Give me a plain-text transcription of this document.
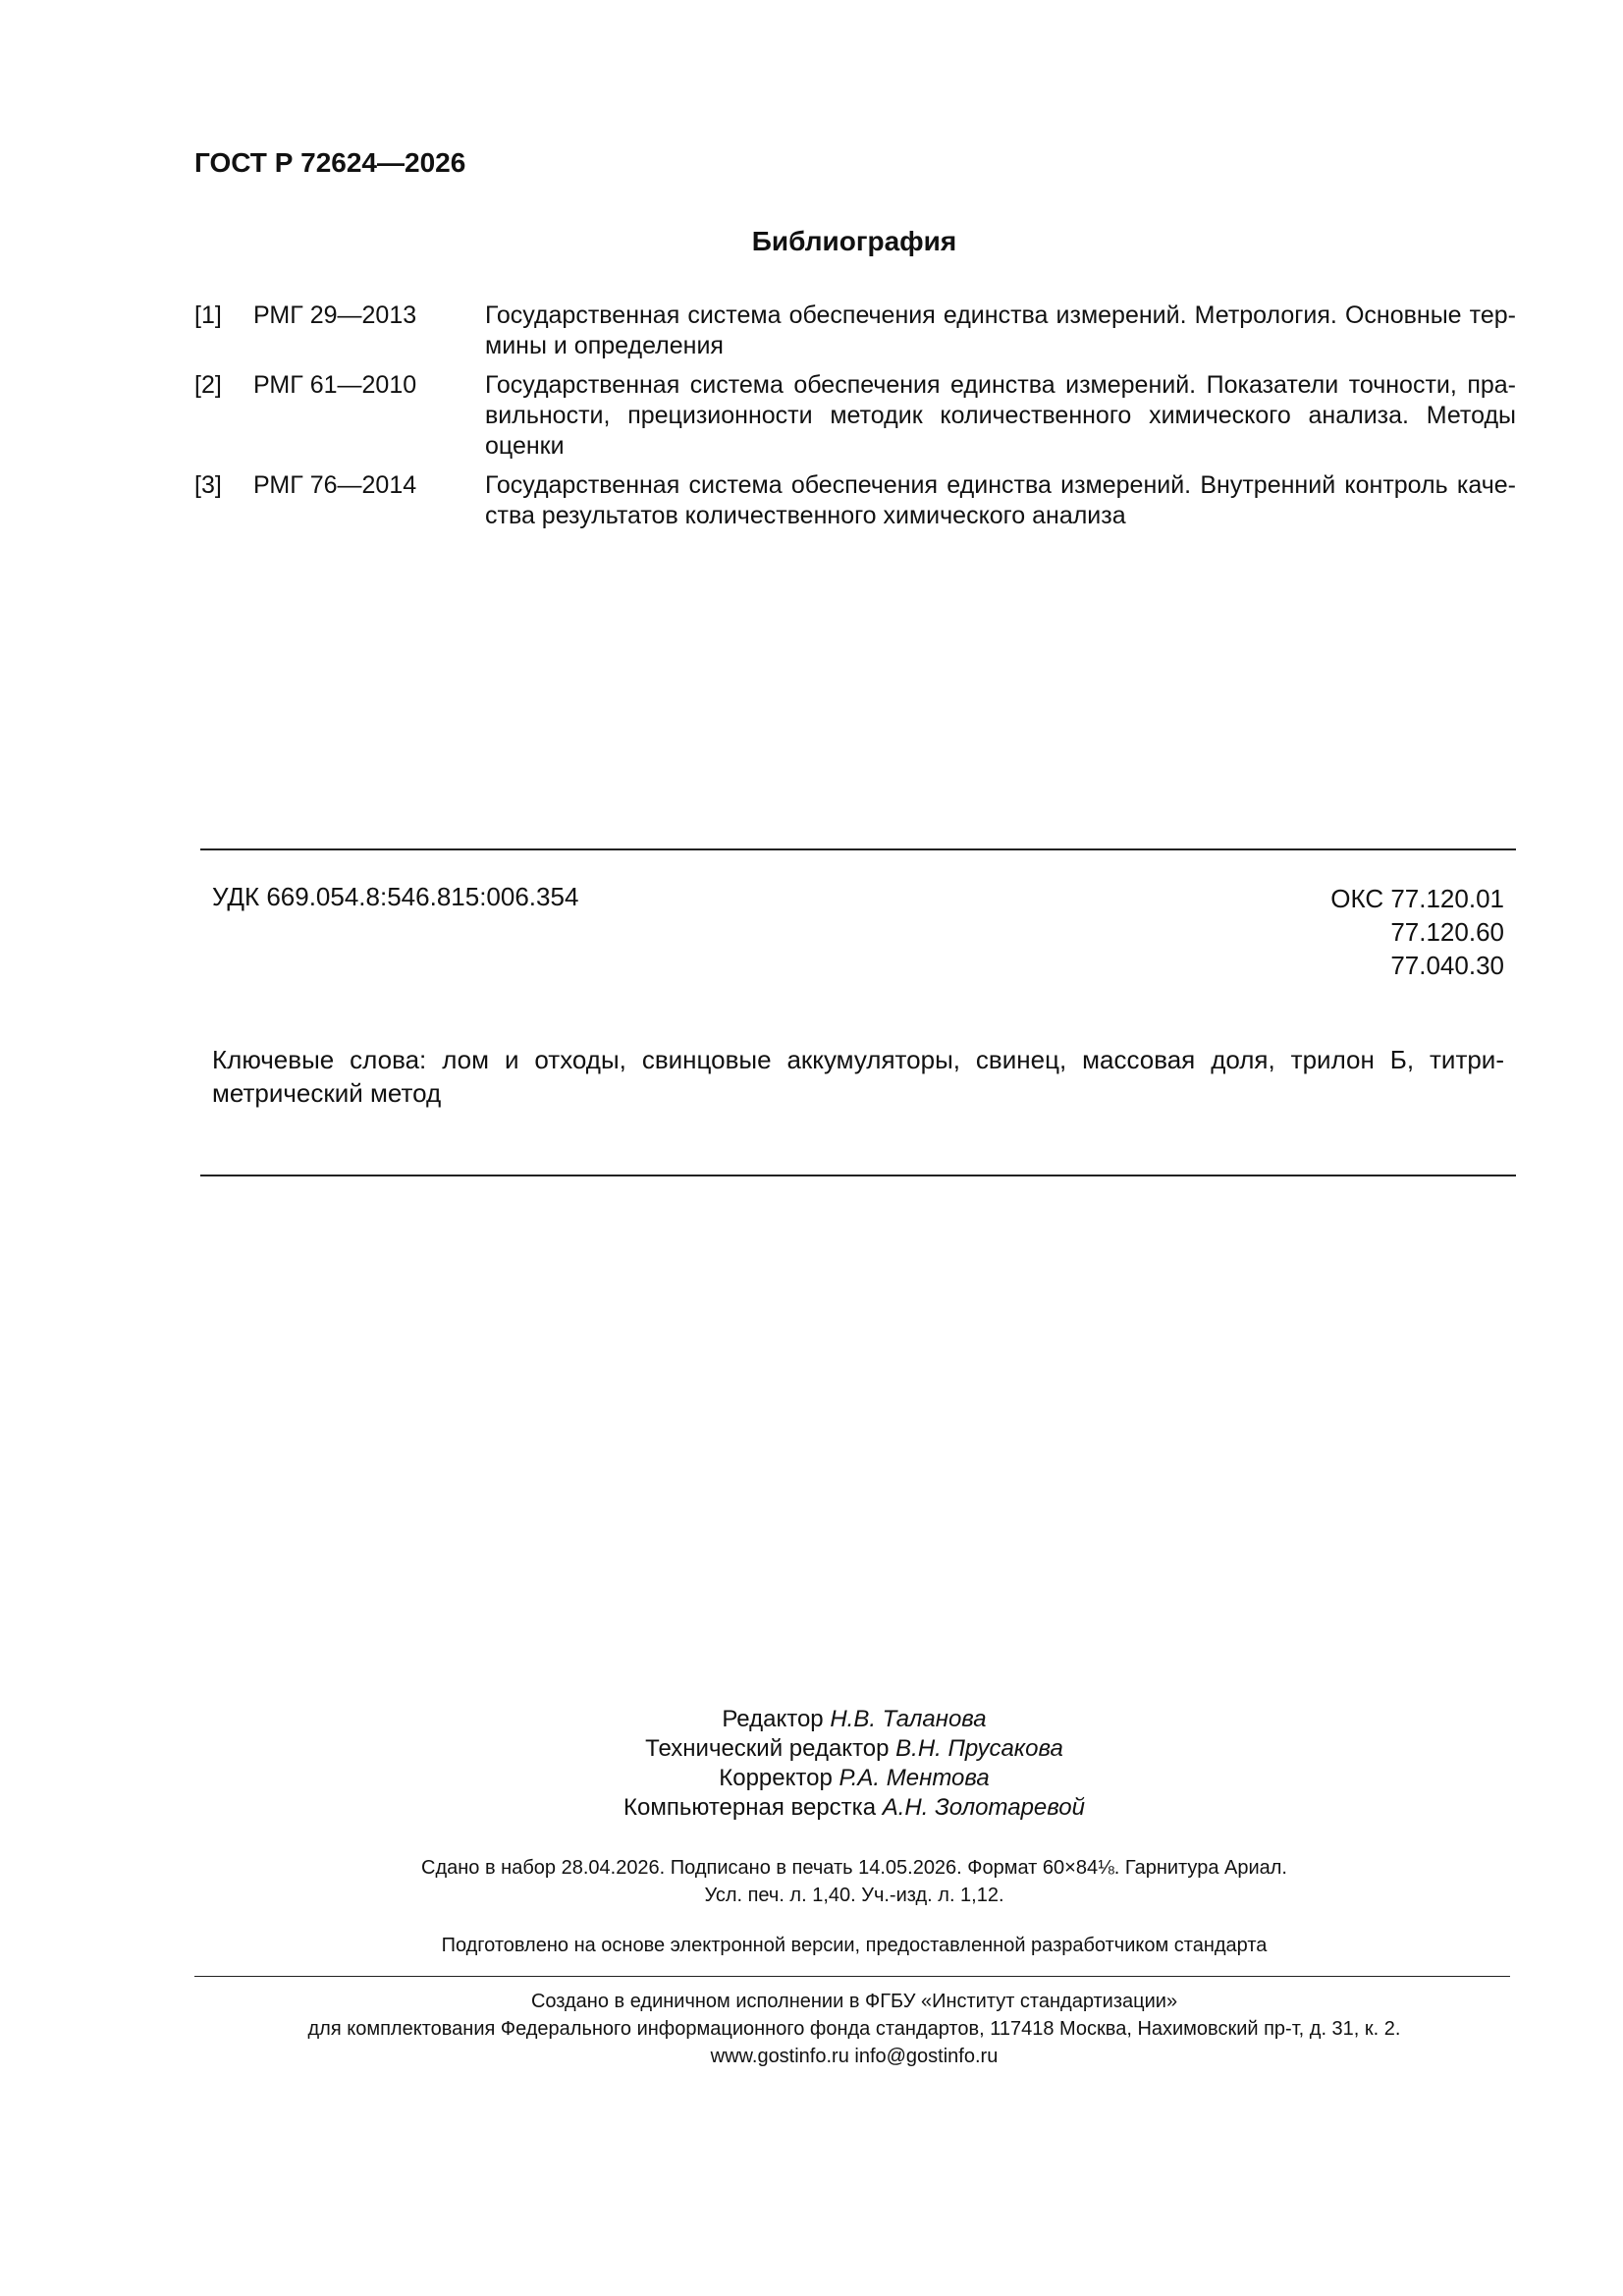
ГОСТ Р 72624—2026
Библиография
[1]	РМГ 29—2013	Государственная система обеспечения единства измерений. Метрология. Основные тер-мины и определения
[2]	РМГ 61—2010	Государственная система обеспечения единства измерений. Показатели точности, пра-вильности, прецизионности методик количественного химического анализа. Методы оценки
[3]	РМГ 76—2014	Государственная система обеспечения единства измерений. Внутренний контроль каче-ства результатов количественного химического анализа
УДК 669.054.8:546.815:006.354	ОКС 77.120.01
77.120.60
77.040.30
Ключевые слова: лом и отходы, свинцовые аккумуляторы, свинец, массовая доля, трилон Б, титри-метрический метод
Редактор Н.В. Таланова
Технический редактор В.Н. Прусакова
Корректор Р.А. Ментова
Компьютерная верстка А.Н. Золотаревой
Сдано в набор 28.04.2026. Подписано в печать 14.05.2026. Формат 60×84⅛. Гарнитура Ариал.
Усл. печ. л. 1,40. Уч.-изд. л. 1,12.
Подготовлено на основе электронной версии, предоставленной разработчиком стандарта
Создано в единичном исполнении в ФГБУ «Институт стандартизации»
для комплектования Федерального информационного фонда стандартов, 117418 Москва, Нахимовский пр-т, д. 31, к. 2.
www.gostinfo.ru info@gostinfo.ru
